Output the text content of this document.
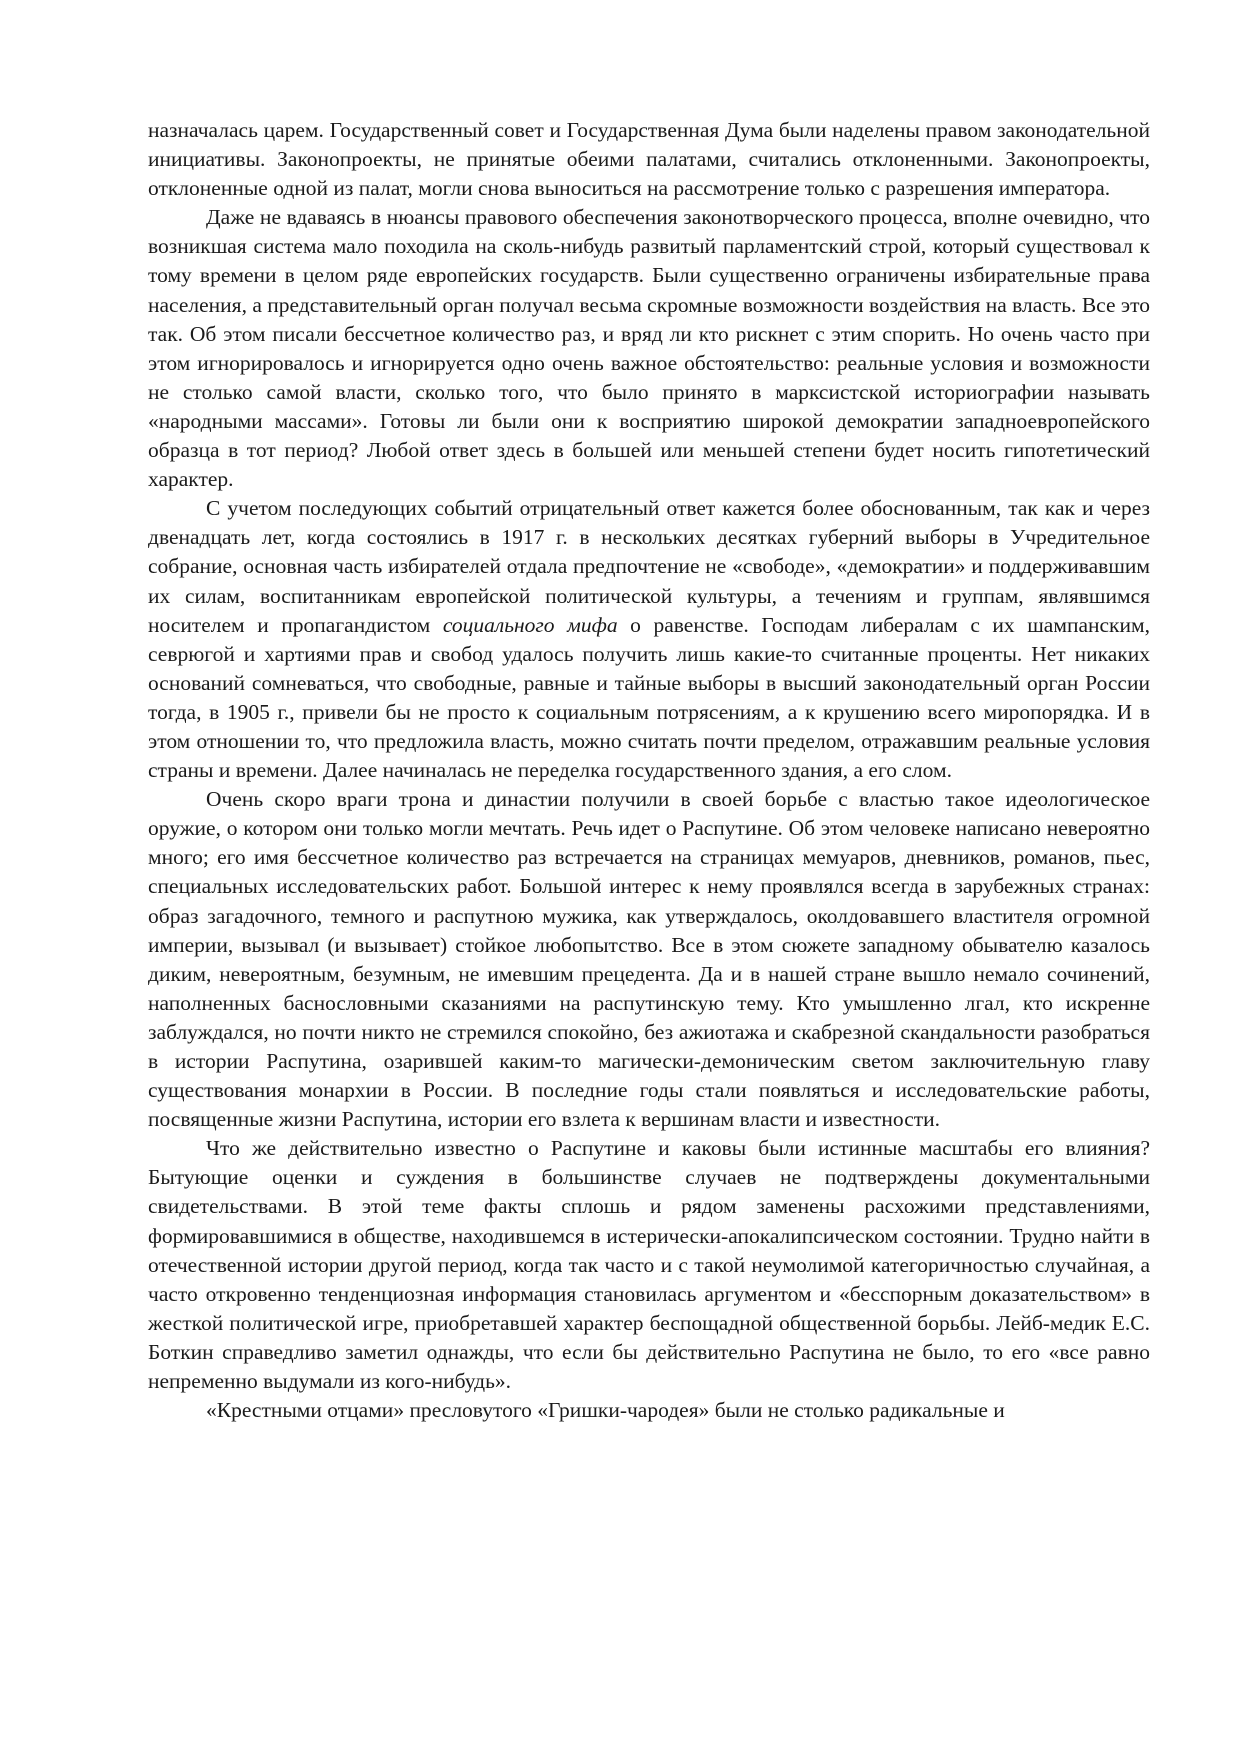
назначалась царем. Государственный совет и Государственная Дума были наделены правом законодательной инициативы. Законопроекты, не принятые обеими палатами, считались отклоненными. Законопроекты, отклоненные одной из палат, могли снова выноситься на рассмотрение только с разрешения императора.

Даже не вдаваясь в нюансы правового обеспечения законотворческого процесса, вполне очевидно, что возникшая система мало походила на сколь-нибудь развитый парламентский строй, который существовал к тому времени в целом ряде европейских государств. Были существенно ограничены избирательные права населения, а представительный орган получал весьма скромные возможности воздействия на власть. Все это так. Об этом писали бессчетное количество раз, и вряд ли кто рискнет с этим спорить. Но очень часто при этом игнорировалось и игнорируется одно очень важное обстоятельство: реальные условия и возможности не столько самой власти, сколько того, что было принято в марксистской историографии называть «народными массами». Готовы ли были они к восприятию широкой демократии западноевропейского образца в тот период? Любой ответ здесь в большей или меньшей степени будет носить гипотетический характер.

С учетом последующих событий отрицательный ответ кажется более обоснованным, так как и через двенадцать лет, когда состоялись в 1917 г. в нескольких десятках губерний выборы в Учредительное собрание, основная часть избирателей отдала предпочтение не «свободе», «демократии» и поддерживавшим их силам, воспитанникам европейской политической культуры, а течениям и группам, являвшимся носителем и пропагандистом социального мифа о равенстве. Господам либералам с их шампанским, севрюгой и хартиями прав и свобод удалось получить лишь какие-то считанные проценты. Нет никаких оснований сомневаться, что свободные, равные и тайные выборы в высший законодательный орган России тогда, в 1905 г., привели бы не просто к социальным потрясениям, а к крушению всего миропорядка. И в этом отношении то, что предложила власть, можно считать почти пределом, отражавшим реальные условия страны и времени. Далее начиналась не переделка государственного здания, а его слом.

Очень скоро враги трона и династии получили в своей борьбе с властью такое идеологическое оружие, о котором они только могли мечтать. Речь идет о Распутине. Об этом человеке написано невероятно много; его имя бессчетное количество раз встречается на страницах мемуаров, дневников, романов, пьес, специальных исследовательских работ. Большой интерес к нему проявлялся всегда в зарубежных странах: образ загадочного, темного и распутною мужика, как утверждалось, околдовавшего властителя огромной империи, вызывал (и вызывает) стойкое любопытство. Все в этом сюжете западному обывателю казалось диким, невероятным, безумным, не имевшим прецедента. Да и в нашей стране вышло немало сочинений, наполненных баснословными сказаниями на распутинскую тему. Кто умышленно лгал, кто искренне заблуждался, но почти никто не стремился спокойно, без ажиотажа и скабрезной скандальности разобраться в истории Распутина, озарившей каким-то магически-демоническим светом заключительную главу существования монархии в России. В последние годы стали появляться и исследовательские работы, посвященные жизни Распутина, истории его взлета к вершинам власти и известности.

Что же действительно известно о Распутине и каковы были истинные масштабы его влияния? Бытующие оценки и суждения в большинстве случаев не подтверждены документальными свидетельствами. В этой теме факты сплошь и рядом заменены расхожими представлениями, формировавшимися в обществе, находившемся в истерически-апокалипсическом состоянии. Трудно найти в отечественной истории другой период, когда так часто и с такой неумолимой категоричностью случайная, а часто откровенно тенденциозная информация становилась аргументом и «бесспорным доказательством» в жесткой политической игре, приобретавшей характер беспощадной общественной борьбы. Лейб-медик Е.С. Боткин справедливо заметил однажды, что если бы действительно Распутина не было, то его «все равно непременно выдумали из кого-нибудь».

«Крестными отцами» пресловутого «Гришки-чародея» были не столько радикальные и
